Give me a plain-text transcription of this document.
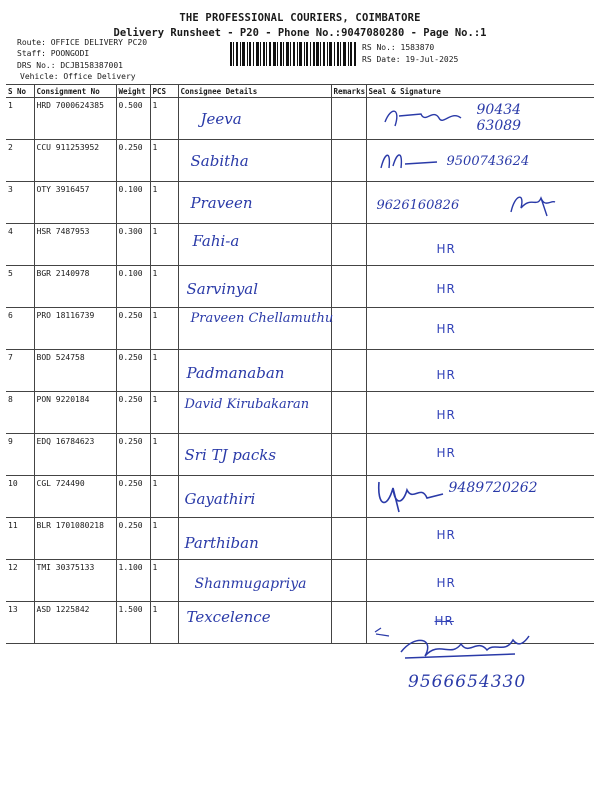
THE PROFESSIONAL COURIERS, COIMBATORE
Delivery Runsheet - P20 - Phone No.:9047080280 - Page No.:1
Route: OFFICE DELIVERY PC20
Staff: POONGODI
DRS No.: DCJB158387001
Vehicle: Office Delivery
RS No.: 1583870
RS Date: 19-Jul-2025
S No	Consignment No	Weight	PCS	Consignee Details	Remarks	Seal & Signature
1	HRD 7000624385	0.500	1	Jeeva		90434 63089

2	CCU 911253952	0.250	1	Sabitha		9500743624

3	OTY 3916457	0.100	1	Praveen		9626160826

4	HSR 7487953	0.300	1	Fahi-a		HR

5	BGR 2140978	0.100	1	Sarvinyal		HR

6	PRO 18116739	0.250	1	Praveen Chellamuthu		HR

7	BOD 524758	0.250	1	Padmanaban		HR

8	PON 9220184	0.250	1	David Kirubakaran		HR

9	EDQ 16784623	0.250	1	Sri TJ packs		HR

10	CGL 724490	0.250	1	Gayathiri		9489720262

11	BLR 1701080218	0.250	1	Parthiban		HR

12	TMI 30375133	1.100	1	Shanmugapriya		HR

13	ASD 1225842	1.500	1	Texcelence		HR
9566654330
